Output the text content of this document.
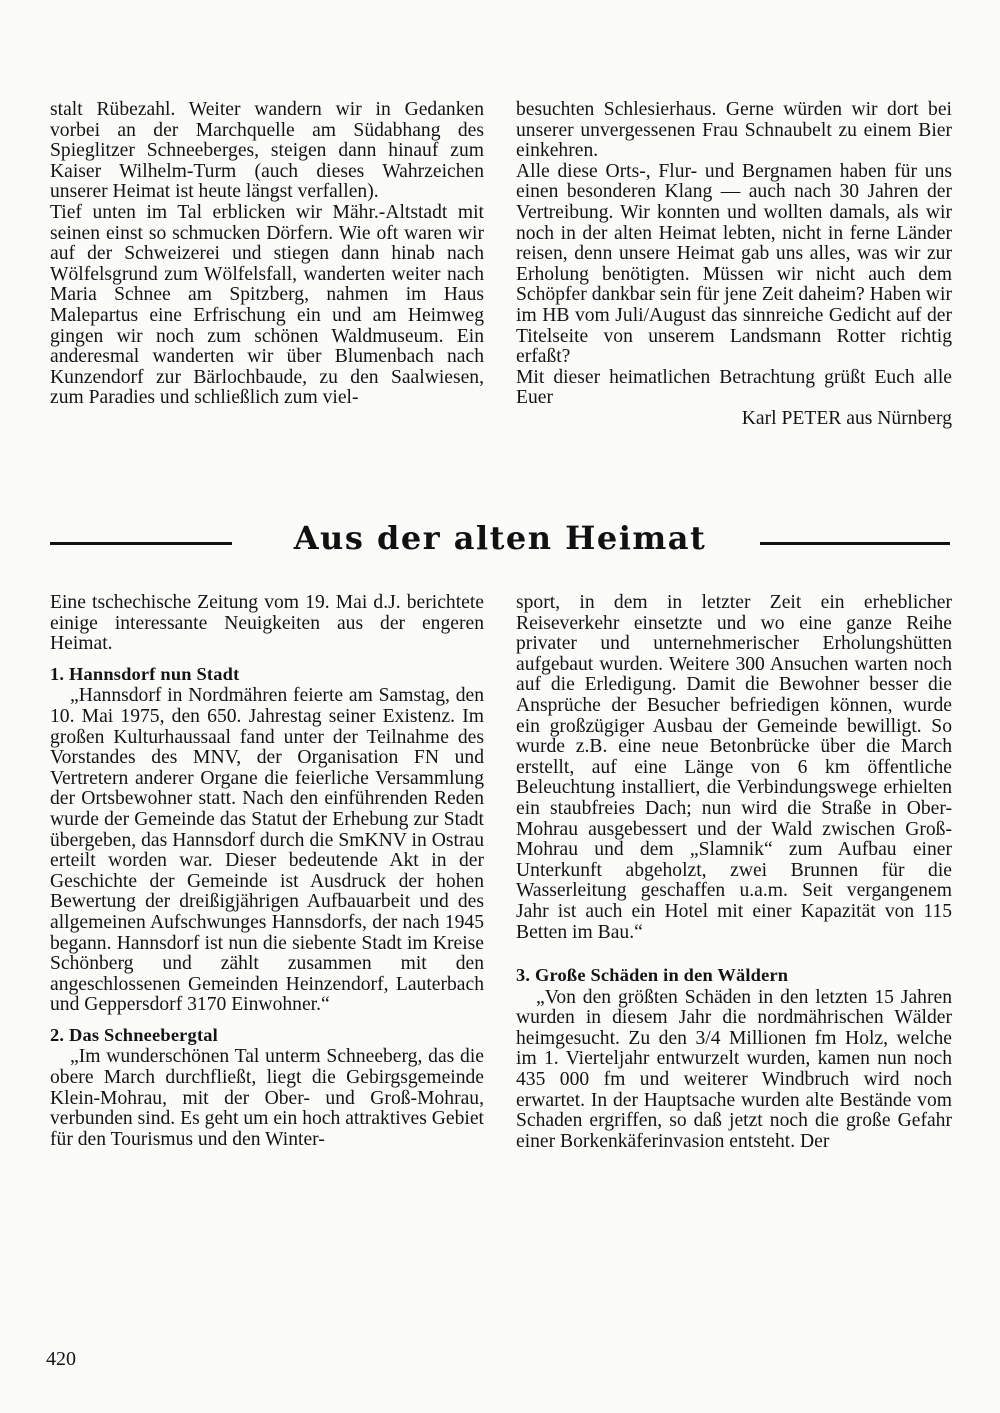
stalt Rübezahl. Weiter wandern wir in Gedanken vorbei an der Marchquelle am Südabhang des Spieglitzer Schneeberges, steigen dann hinauf zum Kaiser Wilhelm-Turm (auch dieses Wahrzeichen unserer Heimat ist heute längst verfallen).

Tief unten im Tal erblicken wir Mähr.-Altstadt mit seinen einst so schmucken Dörfern. Wie oft waren wir auf der Schweizerei und stiegen dann hinab nach Wölfelsgrund zum Wölfelsfall, wanderten weiter nach Maria Schnee am Spitzberg, nahmen im Haus Malepartus eine Erfrischung ein und am Heimweg gingen wir noch zum schönen Waldmuseum. Ein anderesmal wanderten wir über Blumenbach nach Kunzendorf zur Bärlochbaude, zu den Saalwiesen, zum Paradies und schließlich zum viel-

besuchten Schlesierhaus. Gerne würden wir dort bei unserer unvergessenen Frau Schnaubelt zu einem Bier einkehren.

Alle diese Orts-, Flur- und Bergnamen haben für uns einen besonderen Klang — auch nach 30 Jahren der Vertreibung. Wir konnten und wollten damals, als wir noch in der alten Heimat lebten, nicht in ferne Länder reisen, denn unsere Heimat gab uns alles, was wir zur Erholung benötigten. Müssen wir nicht auch dem Schöpfer dankbar sein für jene Zeit daheim? Haben wir im HB vom Juli/August das sinnreiche Gedicht auf der Titelseite von unserem Landsmann Rotter richtig erfaßt?

Mit dieser heimatlichen Betrachtung grüßt Euch alle Euer

Karl PETER aus Nürnberg

Aus der alten Heimat

Eine tschechische Zeitung vom 19. Mai d.J. berichtete einige interessante Neuigkeiten aus der engeren Heimat.

1. Hannsdorf nun Stadt

„Hannsdorf in Nordmähren feierte am Samstag, den 10. Mai 1975, den 650. Jahrestag seiner Existenz. Im großen Kulturhaussaal fand unter der Teilnahme des Vorstandes des MNV, der Organisation FN und Vertretern anderer Organe die feierliche Versammlung der Ortsbewohner statt. Nach den einführenden Reden wurde der Gemeinde das Statut der Erhebung zur Stadt übergeben, das Hannsdorf durch die SmKNV in Ostrau erteilt worden war. Dieser bedeutende Akt in der Geschichte der Gemeinde ist Ausdruck der hohen Bewertung der dreißigjährigen Aufbauarbeit und des allgemeinen Aufschwunges Hannsdorfs, der nach 1945 begann. Hannsdorf ist nun die siebente Stadt im Kreise Schönberg und zählt zusammen mit den angeschlossenen Gemeinden Heinzendorf, Lauterbach und Geppersdorf 3170 Einwohner.“

2. Das Schneebergtal

„Im wunderschönen Tal unterm Schneeberg, das die obere March durchfließt, liegt die Gebirgsgemeinde Klein-Mohrau, mit der Ober- und Groß-Mohrau, verbunden sind. Es geht um ein hoch attraktives Gebiet für den Tourismus und den Winter-

sport, in dem in letzter Zeit ein erheblicher Reiseverkehr einsetzte und wo eine ganze Reihe privater und unternehmerischer Erholungshütten aufgebaut wurden. Weitere 300 Ansuchen warten noch auf die Erledigung. Damit die Bewohner besser die Ansprüche der Besucher befriedigen können, wurde ein großzügiger Ausbau der Gemeinde bewilligt. So wurde z.B. eine neue Betonbrücke über die March erstellt, auf eine Länge von 6 km öffentliche Beleuchtung installiert, die Verbindungswege erhielten ein staubfreies Dach; nun wird die Straße in Ober-Mohrau ausgebessert und der Wald zwischen Groß-Mohrau und dem „Slamnik“ zum Aufbau einer Unterkunft abgeholzt, zwei Brunnen für die Wasserleitung geschaffen u.a.m. Seit vergangenem Jahr ist auch ein Hotel mit einer Kapazität von 115 Betten im Bau.“

3. Große Schäden in den Wäldern

„Von den größten Schäden in den letzten 15 Jahren wurden in diesem Jahr die nordmährischen Wälder heimgesucht. Zu den 3/4 Millionen fm Holz, welche im 1. Vierteljahr entwurzelt wurden, kamen nun noch 435 000 fm und weiterer Windbruch wird noch erwartet. In der Hauptsache wurden alte Bestände vom Schaden ergriffen, so daß jetzt noch die große Gefahr einer Borkenkäferinvasion entsteht. Der

420
